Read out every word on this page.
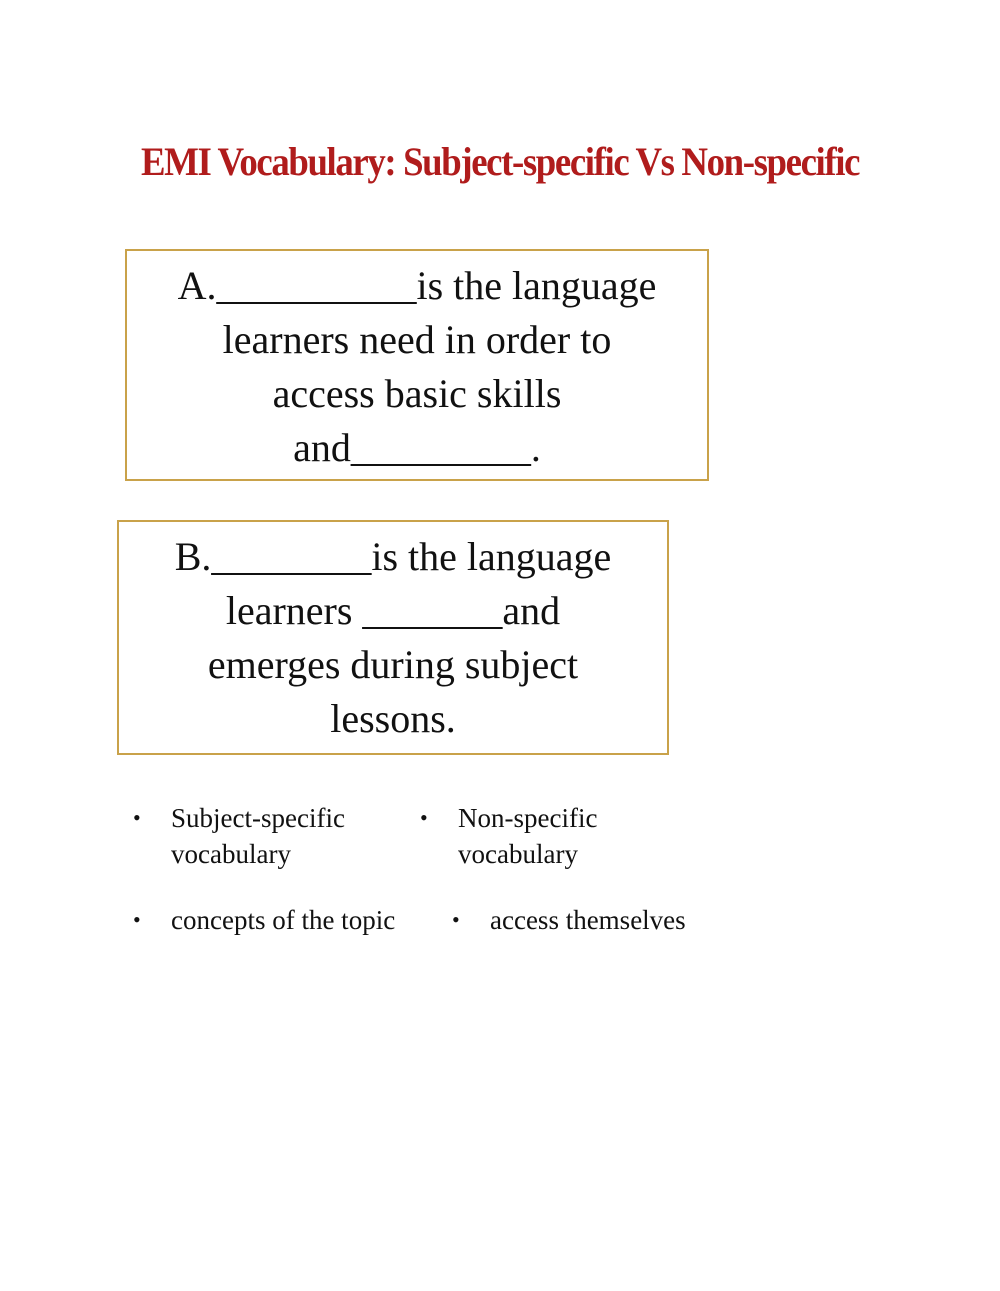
EMI Vocabulary: Subject-specific Vs Non-specific
A.__________is the language
learners need in order to
access basic skills
and_________.
B.________is the language
learners _______and
emerges during subject
lessons.
• Subject-specific
vocabulary
• Non-specific
vocabulary
• concepts of the topic	• access themselves
